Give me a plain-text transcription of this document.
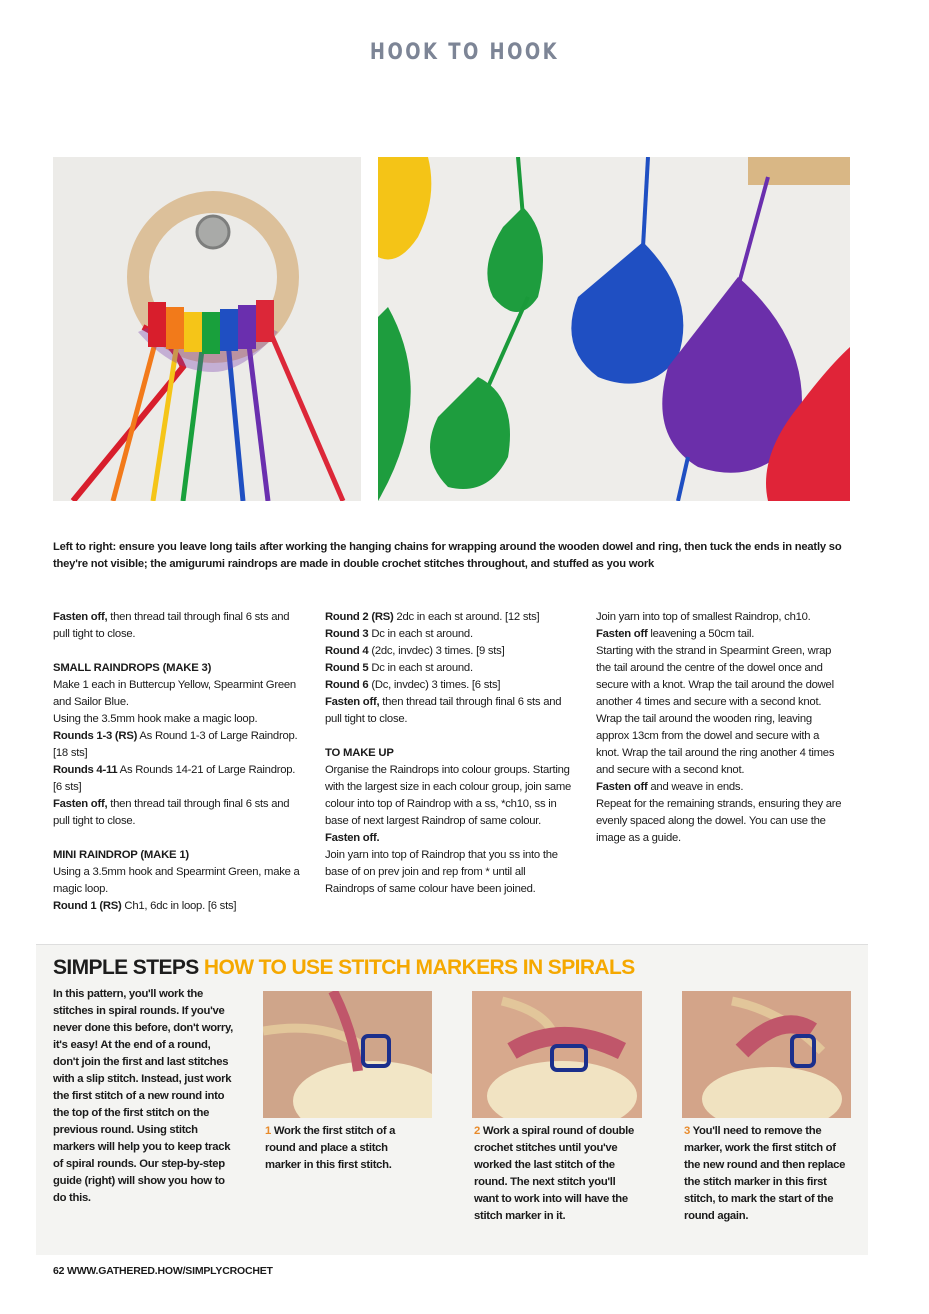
HOOK TO HOOK
Left to right: ensure you leave long tails after working the hanging chains for wrapping around the wooden dowel and ring, then tuck the ends in neatly so they're not visible; the amigurumi raindrops are made in double crochet stitches throughout, and stuffed as you work

Fasten off, then thread tail through final 6 sts and pull tight to close.

SMALL RAINDROPS (MAKE 3)

Make 1 each in Buttercup Yellow, Spearmint Green and Sailor Blue.

Using the 3.5mm hook make a magic loop.

Rounds 1-3 (RS) As Round 1-3 of Large Raindrop. [18 sts]

Rounds 4-11 As Rounds 14-21 of Large Raindrop. [6 sts]

Fasten off, then thread tail through final 6 sts and pull tight to close.

MINI RAINDROP (MAKE 1)

Using a 3.5mm hook and Spearmint Green, make a magic loop.

Round 1 (RS) Ch1, 6dc in loop. [6 sts]

Round 2 (RS) 2dc in each st around. [12 sts]

Round 3 Dc in each st around.

Round 4 (2dc, invdec) 3 times. [9 sts]

Round 5 Dc in each st around.

Round 6 (Dc, invdec) 3 times. [6 sts]

Fasten off, then thread tail through final 6 sts and pull tight to close.

TO MAKE UP

Organise the Raindrops into colour groups. Starting with the largest size in each colour group, join same colour into top of Raindrop with a ss, *ch10, ss in base of next largest Raindrop of same colour.

Fasten off.

Join yarn into top of Raindrop that you ss into the base of on prev join and rep from * until all Raindrops of same colour have been joined.

Join yarn into top of smallest Raindrop, ch10.

Fasten off leavening a 50cm tail.

Starting with the strand in Spearmint Green, wrap the tail around the centre of the dowel once and secure with a knot. Wrap the tail around the dowel another 4 times and secure with a second knot. Wrap the tail around the wooden ring, leaving approx 13cm from the dowel and secure with a knot. Wrap the tail around the ring another 4 times and secure with a second knot.

Fasten off and weave in ends.

Repeat for the remaining strands, ensuring they are evenly spaced along the dowel. You can use the image as a guide.

SIMPLE STEPS HOW TO USE STITCH MARKERS IN SPIRALS
In this pattern, you'll work the stitches in spiral rounds. If you've never done this before, don't worry, it's easy! At the end of a round, don't join the first and last stitches with a slip stitch. Instead, just work the first stitch of a new round into the top of the first stitch on the previous round. Using stitch markers will help you to keep track of spiral rounds. Our step-by-step guide (right) will show you how to do this.
1 Work the first stitch of a round and place a stitch marker in this first stitch.
2 Work a spiral round of double crochet stitches until you've worked the last stitch of the round. The next stitch you'll want to work into will have the stitch marker in it.
3 You'll need to remove the marker, work the first stitch of the new round and then replace the stitch marker in this first stitch, to mark the start of the round again.
62 WWW.GATHERED.HOW/SIMPLYCROCHET
